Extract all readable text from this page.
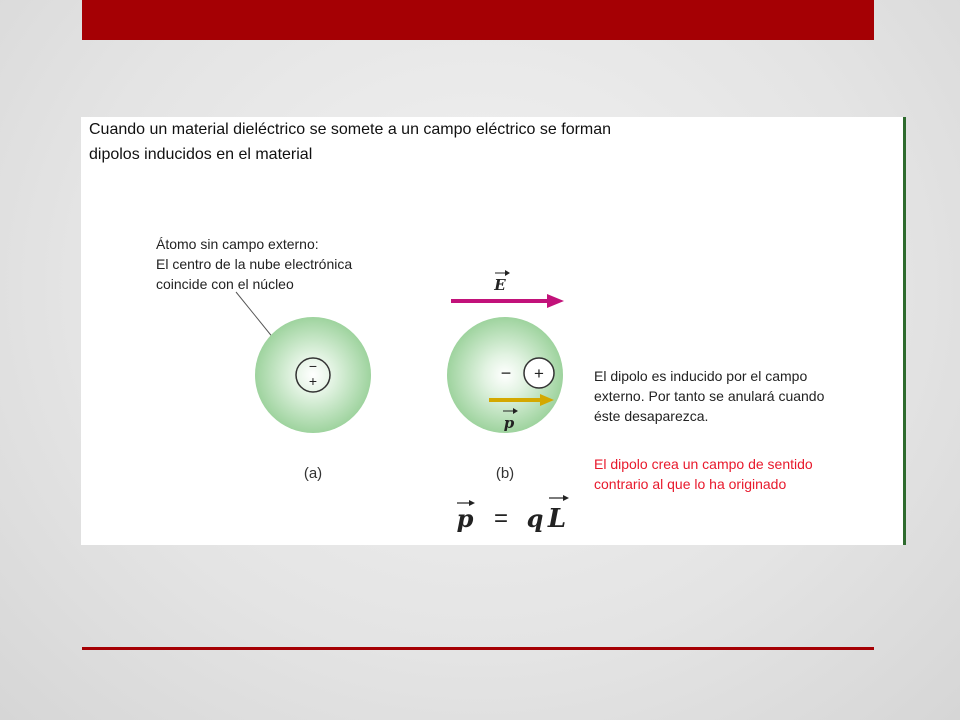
Cuando un material dieléctrico se somete a un campo eléctrico se forman
dipolos inducidos en el material
Átomo sin campo externo:
El centro de la nube electrónica
coincide con el núcleo
−
+
(a)
E
− +
p
(b)
p = q L
El dipolo es inducido por el campo
externo. Por tanto se anulará cuando
éste desaparezca.
El dipolo crea un campo de sentido
contrario al que lo ha originado
